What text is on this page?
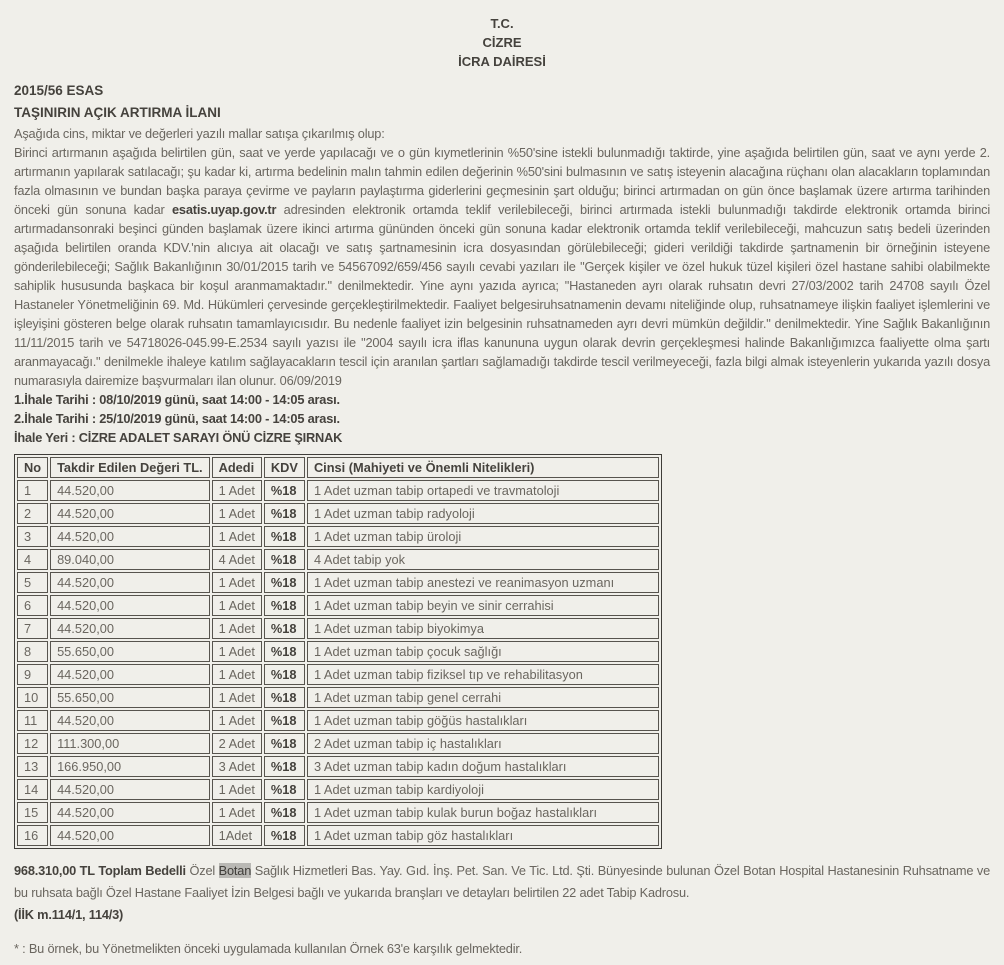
T.C.
CİZRE
İCRA DAİRESİ
2015/56 ESAS
TAŞINIRIN AÇIK ARTIRMA İLANI

Aşağıda cins, miktar ve değerleri yazılı mallar satışa çıkarılmış olup:
Birinci artırmanın aşağıda belirtilen gün, saat ve yerde yapılacağı ve o gün kıymetlerinin %50'sine istekli bulunmadığı taktirde, yine aşağıda belirtilen gün, saat ve aynı yerde 2. artırmanın yapılarak satılacağı; şu kadar ki, artırma bedelinin malın tahmin edilen değerinin %50'sini bulmasının ve satış isteyenin alacağına rüçhanı olan alacakların toplamından fazla olmasının ve bundan başka paraya çevirme ve payların paylaştırma giderlerini geçmesinin şart olduğu; birinci artırmadan on gün önce başlamak üzere artırma tarihinden önceki gün sonuna kadar esatis.uyap.gov.tr adresinden elektronik ortamda teklif verilebileceği, birinci artırmada istekli bulunmadığı takdirde elektronik ortamda birinci artırmadansonraki beşinci günden başlamak üzere ikinci artırma gününden önceki gün sonuna kadar elektronik ortamda teklif verilebileceği, mahcuzun satış bedeli üzerinden aşağıda belirtilen oranda KDV.'nin alıcıya ait olacağı ve satış şartnamesinin icra dosyasından görülebileceği; gideri verildiği takdirde şartnamenin bir örneğinin isteyene gönderilebileceği; Sağlık Bakanlığının 30/01/2015 tarih ve 54567092/659/456 sayılı cevabi yazıları ile "Gerçek kişiler ve özel hukuk tüzel kişileri özel hastane sahibi olabilmekte sahiplik hususunda başkaca bir koşul aranmamaktadır." denilmektedir. Yine aynı yazıda ayrıca; "Hastaneden ayrı olarak ruhsatın devri 27/03/2002 tarih 24708 sayılı Özel Hastaneler Yönetmeliğinin 69. Md. Hükümleri çervesinde gerçekleştirilmektedir. Faaliyet belgesiruhsatnamenin devamı niteliğinde olup, ruhsatnameye ilişkin faaliyet işlemlerini ve işleyişini gösteren belge olarak ruhsatın tamamlayıcısıdır. Bu nedenle faaliyet izin belgesinin ruhsatnameden ayrı devri mümkün değildir." denilmektedir. Yine Sağlık Bakanlığının 11/11/2015 tarih ve 54718026-045.99-E.2534 sayılı yazısı ile "2004 sayılı icra iflas kanununa uygun olarak devrin gerçekleşmesi halinde Bakanlığımızca faaliyette olma şartı aranmayacağı." denilmekle ihaleye katılım sağlayacakların tescil için aranılan şartları sağlamadığı takdirde tescil verilmeyeceği, fazla bilgi almak isteyenlerin yukarıda yazılı dosya numarasıyla dairemize başvurmaları ilan olunur. 06/09/2019

1.İhale Tarihi : 08/10/2019 günü, saat 14:00 - 14:05 arası.
2.İhale Tarihi : 25/10/2019 günü, saat 14:00 - 14:05 arası.
İhale Yeri : CİZRE ADALET SARAYI ÖNÜ CİZRE ŞIRNAK
No	Takdir Edilen Değeri TL.	Adedi	KDV	Cinsi (Mahiyeti ve Önemli Nitelikleri)
1	44.520,00	1 Adet	%18	1 Adet uzman tabip ortapedi ve travmatoloji
2	44.520,00	1 Adet	%18	1 Adet uzman tabip radyoloji
3	44.520,00	1 Adet	%18	1 Adet uzman tabip üroloji
4	89.040,00	4 Adet	%18	4 Adet tabip yok
5	44.520,00	1 Adet	%18	1 Adet uzman tabip anestezi ve reanimasyon uzmanı
6	44.520,00	1 Adet	%18	1 Adet uzman tabip beyin ve sinir cerrahisi
7	44.520,00	1 Adet	%18	1 Adet uzman tabip biyokimya
8	55.650,00	1 Adet	%18	1 Adet uzman tabip çocuk sağlığı
9	44.520,00	1 Adet	%18	1 Adet uzman tabip fiziksel tıp ve rehabilitasyon
10	55.650,00	1 Adet	%18	1 Adet uzman tabip genel cerrahi
11	44.520,00	1 Adet	%18	1 Adet uzman tabip göğüs hastalıkları
12	111.300,00	2 Adet	%18	2 Adet uzman tabip iç hastalıkları
13	166.950,00	3 Adet	%18	3 Adet uzman tabip kadın doğum hastalıkları
14	44.520,00	1 Adet	%18	1 Adet uzman tabip kardiyoloji
15	44.520,00	1 Adet	%18	1 Adet uzman tabip kulak burun boğaz hastalıkları
16	44.520,00	1Adet	%18	1 Adet uzman tabip göz hastalıkları

968.310,00 TL Toplam Bedelli Özel Botan Sağlık Hizmetleri Bas. Yay. Gıd. İnş. Pet. San. Ve Tic. Ltd. Şti. Bünyesinde bulunan Özel Botan Hospital Hastanesinin Ruhsatname ve bu ruhsata bağlı Özel Hastane Faaliyet İzin Belgesi bağlı ve yukarıda branşları ve detayları belirtilen 22 adet Tabip Kadrosu.
(İİK m.114/1, 114/3)

* : Bu örnek, bu Yönetmelikten önceki uygulamada kullanılan Örnek 63'e karşılık gelmektedir.
